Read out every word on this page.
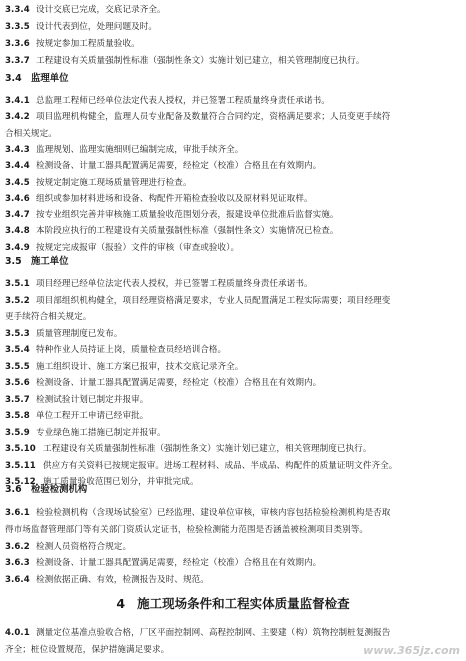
3.3.4 设计交底已完成，交底记录齐全。
3.3.5 设计代表到位，处理问题及时。
3.3.6 按规定参加工程质量验收。
3.3.7 工程建设有关质量强制性标准（强制性条文）实施计划已建立，相关管理制度已执行。
3.4 监理单位
3.4.1 总监理工程师已经单位法定代表人授权，并已签署工程质量终身责任承诺书。
3.4.2 项目监理机构健全，监理人员专业配备及数量符合合同约定，资格满足要求；人员变更手续符
合相关规定。
3.4.3 监理规划、监理实施细则已编制完成，审批手续齐全。
3.4.4 检测设备、计量工器具配置满足需要，经检定（校准）合格且在有效期内。
3.4.5 按规定制定施工现场质量管理进行检查。
3.4.6 组织或参加材料进场和设备、构配件开箱检查验收以及原材料见证取样。
3.4.7 按专业组织完善并审核施工质量验收范围划分表，报建设单位批准后监督实施。
3.4.8 本阶段应执行的工程建设有关质量强制性标准（强制性条文）实施情况已检查。
3.4.9 按规定完成报审（报验）文件的审核（审查或验收）。
3.5 施工单位
3.5.1 项目经理已经单位法定代表人授权，并已签署工程质量终身责任承诺书。
3.5.2 项目部组织机构健全，项目经理资格满足要求，专业人员配置满足工程实际需要；项目经理变
更手续符合相关规定。
3.5.3 质量管理制度已发布。
3.5.4 特种作业人员持证上岗，质量检查员经培训合格。
3.5.5 施工组织设计、施工方案已报审，技术交底记录齐全。
3.5.6 检测设备、计量工器具配置满足需要，经检定（校准）合格且在有效期内。
3.5.7 检测试验计划已制定并报审。
3.5.8 单位工程开工申请已经审批。
3.5.9 专业绿色施工措施已制定并报审。
3.5.10 工程建设有关质量强制性标准（强制性条文）实施计划已建立，相关管理制度已执行。
3.5.11 供应方有关资料已按规定报审。进场工程材料、成品、半成品、构配件的质量证明文件齐全。
3.5.12 施工质量验收范围已划分，并审批完成。
3.6 检验检测机构
3.6.1 检验检测机构（含现场试验室）已经监理、建设单位审核，审核内容包括检验检测机构是否取
得市场监督管理部门等有关部门资质认定证书，检验检测能力范围是否涵盖被检测项目类别等。
3.6.2 检测人员资格符合规定。
3.6.3 检测设备、计量工器具配置满足需要，经检定（校准）合格且在有效期内。
3.6.4 检测依据正确、有效，检测报告及时、规范。
4 施工现场条件和工程实体质量监督检查
4.0.1 测量定位基准点验收合格，厂区平面控制网、高程控制网、主要建（构）筑物控制桩复测报告
齐全；桩位设置规范，保护措施满足要求。	www.365jz.com
